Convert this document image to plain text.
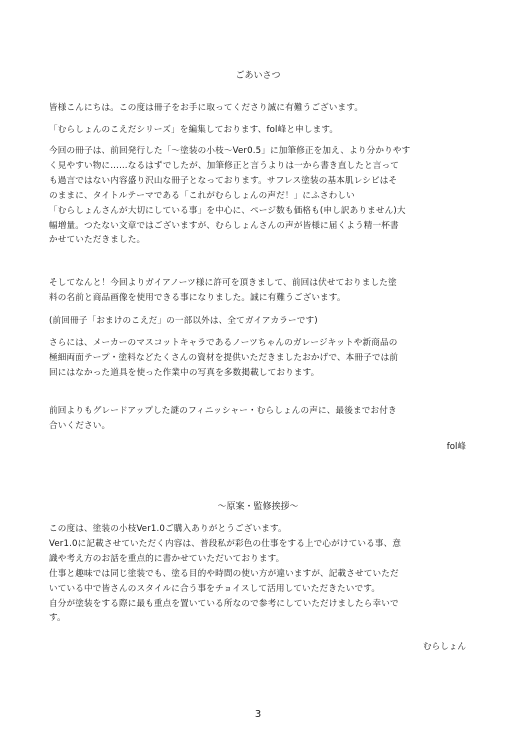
ごあいさつ

皆様こんにちは。この度は冊子をお手に取ってくださり誠に有難うございます。

「むらしょんのこえだシリーズ」を編集しております、fol峰と申します。

今回の冊子は、前回発行した「～塗装の小枝～Ver0.5」に加筆修正を加え、より分かりやす

く見やすい物に……なるはずでしたが、加筆修正と言うよりは一から書き直したと言って

も過言ではない内容盛り沢山な冊子となっております。サフレス塗装の基本肌レシピはそ

のままに、タイトルテーマである「これがむらしょんの声だ！」にふさわしい

「むらしょんさんが大切にしている事」を中心に、ページ数も価格も(申し訳ありません)大

幅増量。つたない文章ではございますが、むらしょんさんの声が皆様に届くよう精一杯書

かせていただきました。

そしてなんと！今回よりガイアノーツ様に許可を頂きまして、前回は伏せておりました塗

料の名前と商品画像を使用できる事になりました。誠に有難うございます。

(前回冊子「おまけのこえだ」の一部以外は、全てガイアカラーです)

さらには、メーカーのマスコットキャラであるノーツちゃんのガレージキットや新商品の

極細両面テープ・塗料などたくさんの資材を提供いただきましたおかげで、本冊子では前

回にはなかった道具を使った作業中の写真を多数掲載しております。

前回よりもグレードアップした謎のフィニッシャー・むらしょんの声に、最後までお付き

合いください。

fol峰
～原案・監修挨拶～

この度は、塗装の小枝Ver1.0ご購入ありがとうございます。

Ver1.0に記載させていただく内容は、普段私が彩色の仕事をする上で心がけている事、意

識や考え方のお話を重点的に書かせていただいております。

仕事と趣味では同じ塗装でも、塗る目的や時間の使い方が違いますが、記載させていただ

いている中で皆さんのスタイルに合う事をチョイスして活用していただきたいです。

自分が塗装をする際に最も重点を置いている所なので参考にしていただけましたら幸いで

す。

むらしょん
3
